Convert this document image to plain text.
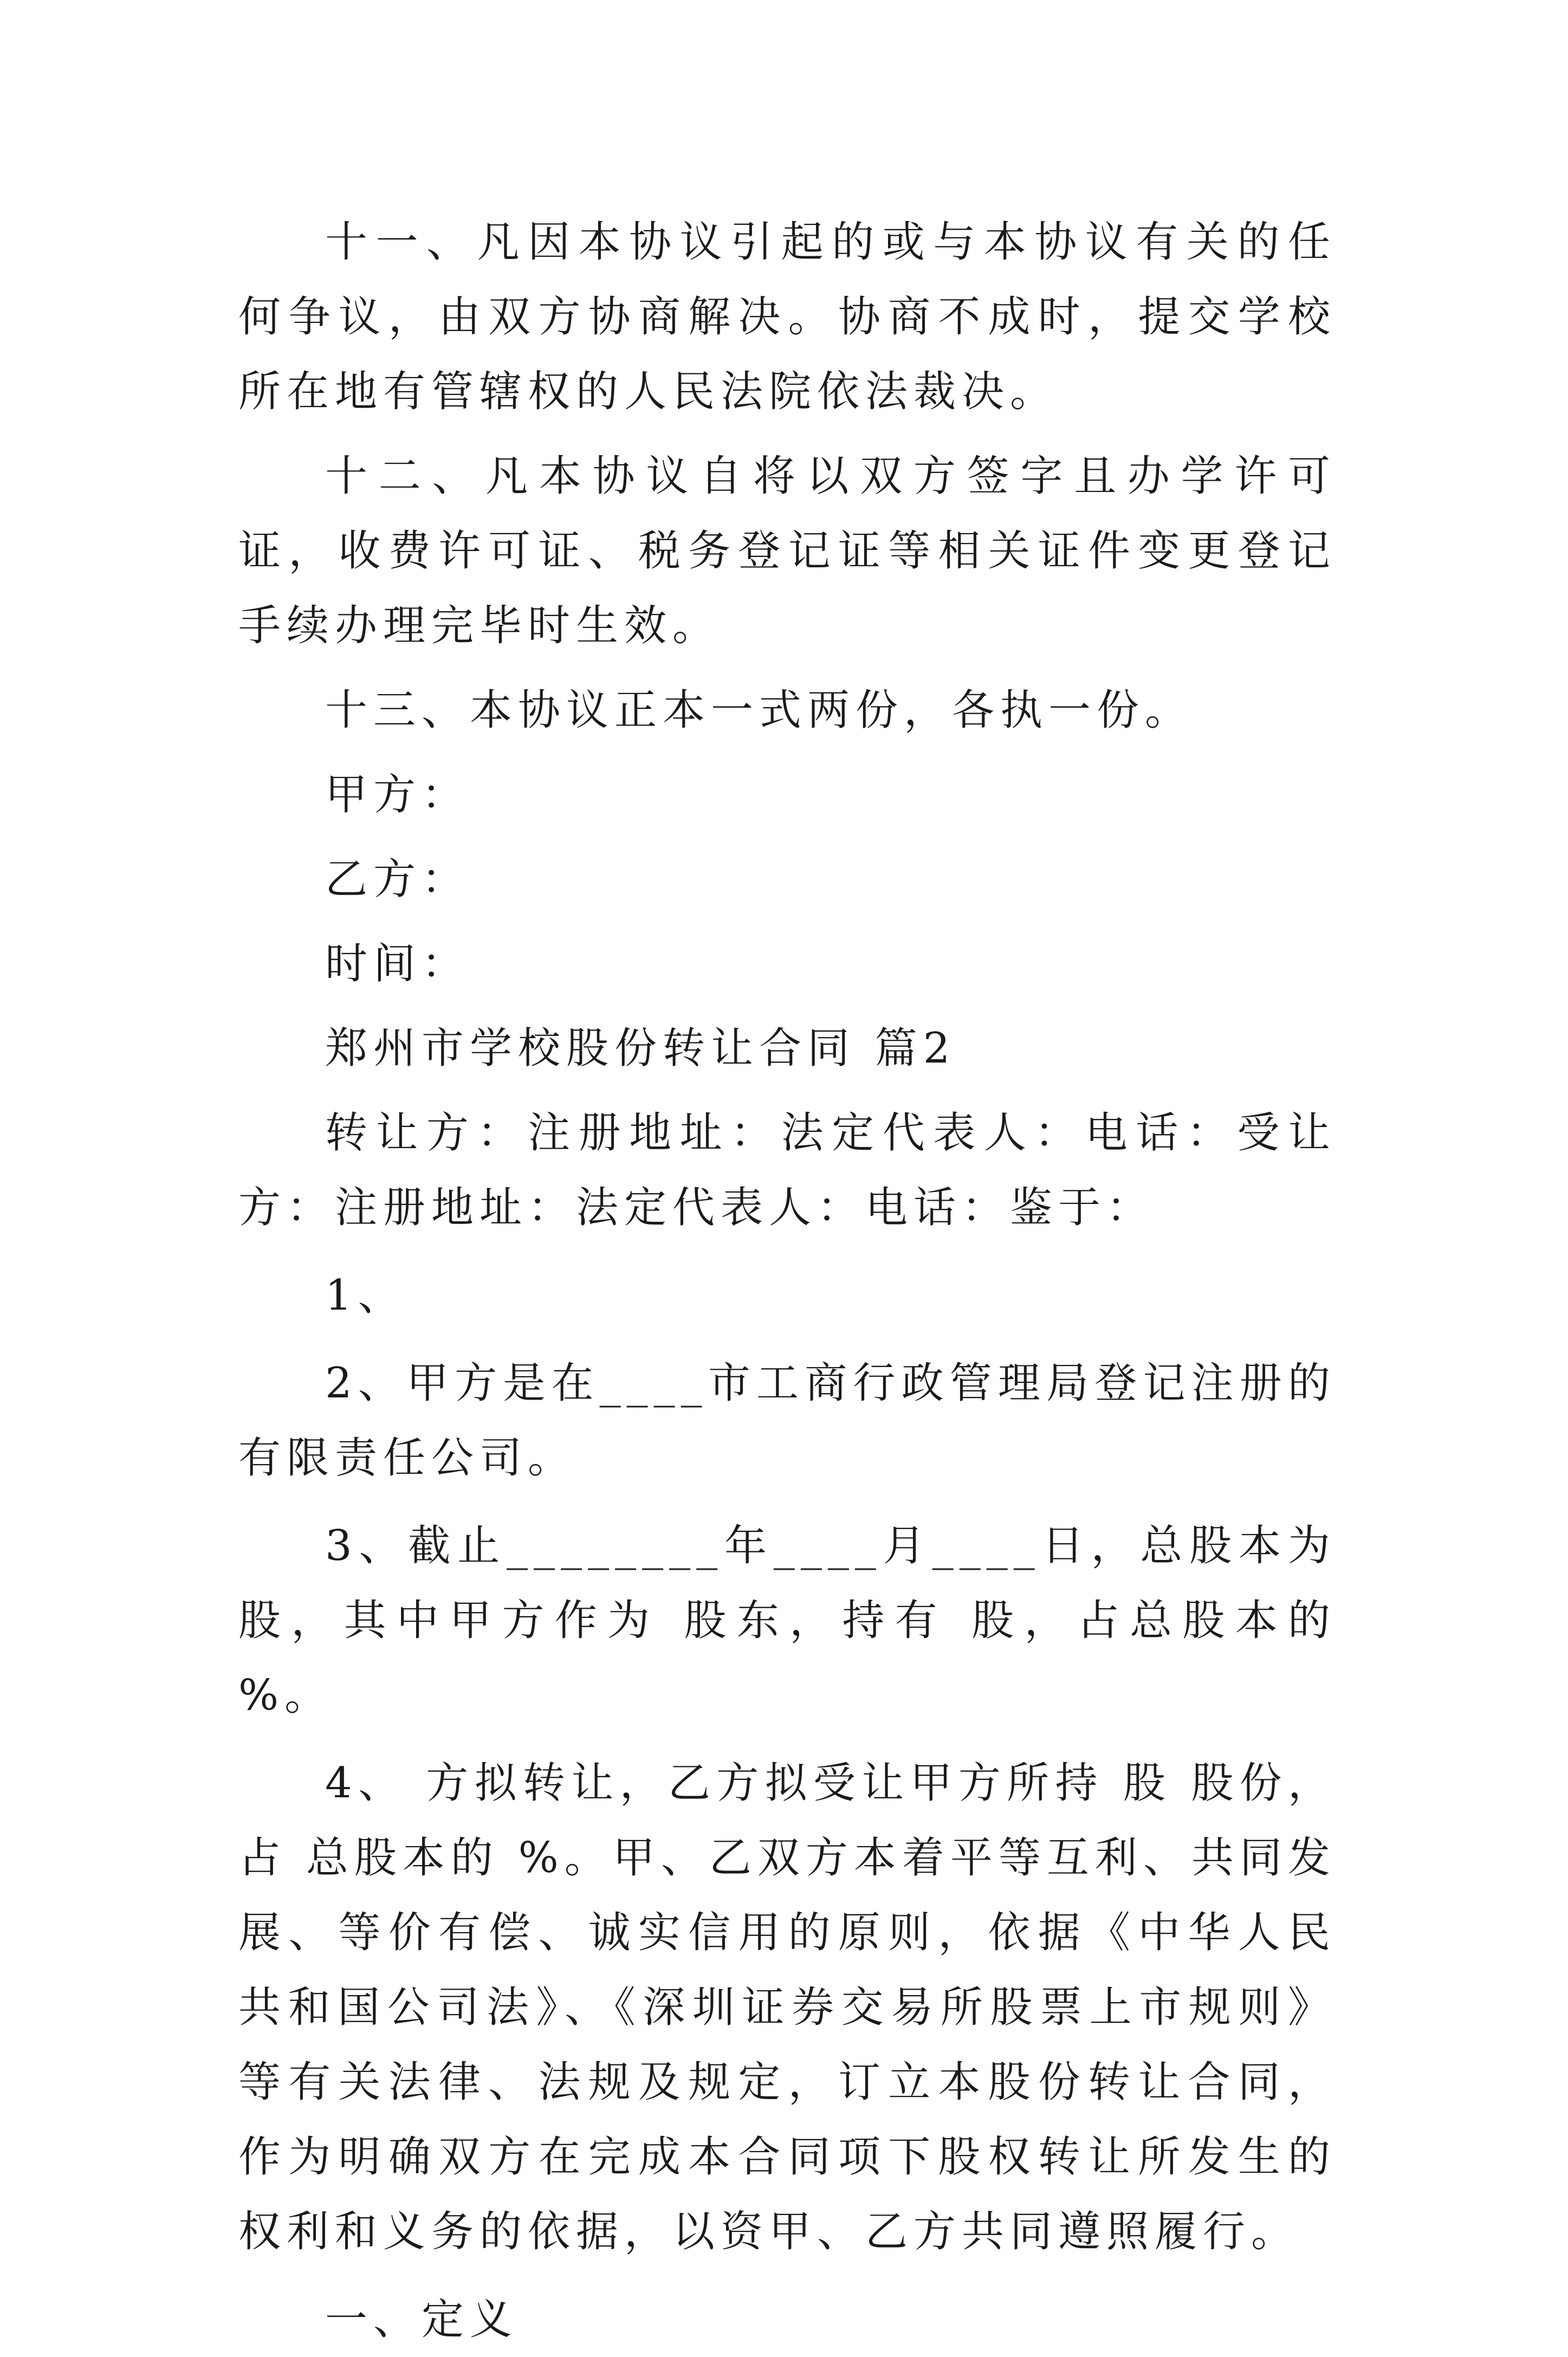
十一、凡因本协议引起的或与本协议有关的任何争议，由双方协商解决。协商不成时，提交学校所在地有管辖权的人民法院依法裁决。

十二、凡本协议自将以双方签字且办学许可证，收费许可证、税务登记证等相关证件变更登记手续办理完毕时生效。

十三、本协议正本一式两份，各执一份。

甲方：

乙方：

时间：

郑州市学校股份转让合同 篇2

转让方：注册地址：法定代表人：电话：受让方：注册地址：法定代表人：电话：鉴于：

1、

2、甲方是在____市工商行政管理局登记注册的有限责任公司。

3、截止________年____月____日，总股本为 股，其中甲方作为 股东，持有 股，占总股本的 %。

4、 方拟转让，乙方拟受让甲方所持 股 股份，占 总股本的 %。甲、乙双方本着平等互利、共同发展、等价有偿、诚实信用的原则，依据《中华人民共和国公司法》、《深圳证券交易所股票上市规则》等有关法律、法规及规定，订立本股份转让合同，作为明确双方在完成本合同项下股权转让所发生的权利和义务的依据，以资甲、乙方共同遵照履行。

一、定义
